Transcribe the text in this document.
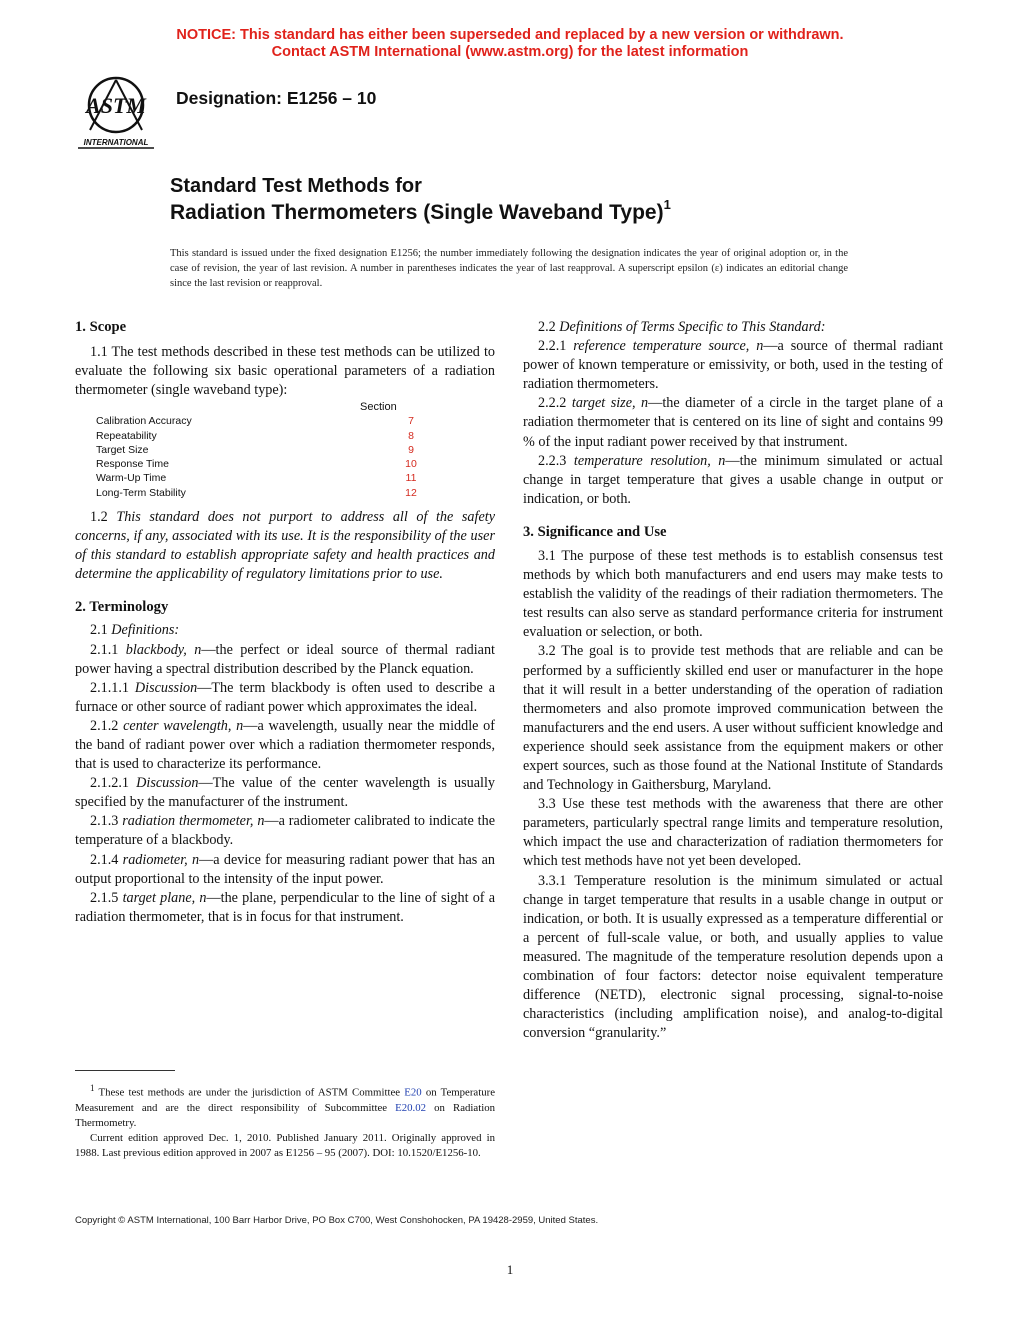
NOTICE: This standard has either been superseded and replaced by a new version or withdrawn.
Contact ASTM International (www.astm.org) for the latest information
ASTM
INTERNATIONAL
Designation: E1256 – 10
Standard Test Methods for
Radiation Thermometers (Single Waveband Type)$^1$
This standard is issued under the fixed designation E1256; the number immediately following the designation indicates the year of original adoption or, in the case of revision, the year of last revision. A number in parentheses indicates the year of last reapproval. A superscript epsilon (ε) indicates an editorial change since the last revision or reapproval.
1. Scope

1.1 The test methods described in these test methods can be utilized to evaluate the following six basic operational parameters of a radiation thermometer (single waveband type):

Section
Calibration Accuracy	7
Repeatability	8
Target Size	9
Response Time	10
Warm-Up Time	11
Long-Term Stability	12

1.2 This standard does not purport to address all of the safety concerns, if any, associated with its use. It is the responsibility of the user of this standard to establish appropriate safety and health practices and determine the applicability of regulatory limitations prior to use.

2. Terminology

2.1 Definitions:

2.1.1 blackbody, n—the perfect or ideal source of thermal radiant power having a spectral distribution described by the Planck equation.

2.1.1.1 Discussion—The term blackbody is often used to describe a furnace or other source of radiant power which approximates the ideal.

2.1.2 center wavelength, n—a wavelength, usually near the middle of the band of radiant power over which a radiation thermometer responds, that is used to characterize its performance.

2.1.2.1 Discussion—The value of the center wavelength is usually specified by the manufacturer of the instrument.

2.1.3 radiation thermometer, n—a radiometer calibrated to indicate the temperature of a blackbody.

2.1.4 radiometer, n—a device for measuring radiant power that has an output proportional to the intensity of the input power.

2.1.5 target plane, n—the plane, perpendicular to the line of sight of a radiation thermometer, that is in focus for that instrument.

2.2 Definitions of Terms Specific to This Standard:

2.2.1 reference temperature source, n—a source of thermal radiant power of known temperature or emissivity, or both, used in the testing of radiation thermometers.

2.2.2 target size, n—the diameter of a circle in the target plane of a radiation thermometer that is centered on its line of sight and contains 99 % of the input radiant power received by that instrument.

2.2.3 temperature resolution, n—the minimum simulated or actual change in target temperature that gives a usable change in output or indication, or both.

3. Significance and Use

3.1 The purpose of these test methods is to establish consensus test methods by which both manufacturers and end users may make tests to establish the validity of the readings of their radiation thermometers. The test results can also serve as standard performance criteria for instrument evaluation or selection, or both.

3.2 The goal is to provide test methods that are reliable and can be performed by a sufficiently skilled end user or manufacturer in the hope that it will result in a better understanding of the operation of radiation thermometers and also promote improved communication between the manufacturers and the end users. A user without sufficient knowledge and experience should seek assistance from the equipment makers or other expert sources, such as those found at the National Institute of Standards and Technology in Gaithersburg, Maryland.

3.3 Use these test methods with the awareness that there are other parameters, particularly spectral range limits and temperature resolution, which impact the use and characterization of radiation thermometers for which test methods have not yet been developed.

3.3.1 Temperature resolution is the minimum simulated or actual change in target temperature that results in a usable change in output or indication, or both. It is usually expressed as a temperature differential or a percent of full-scale value, or both, and usually applies to value measured. The magnitude of the temperature resolution depends upon a combination of four factors: detector noise equivalent temperature difference (NETD), electronic signal processing, signal-to-noise characteristics (including amplification noise), and analog-to-digital conversion “granularity.”

$^1$ These test methods are under the jurisdiction of ASTM Committee E20 on Temperature Measurement and are the direct responsibility of Subcommittee E20.02 on Radiation Thermometry.

Current edition approved Dec. 1, 2010. Published January 2011. Originally approved in 1988. Last previous edition approved in 2007 as E1256 – 95 (2007). DOI: 10.1520/E1256-10.

Copyright © ASTM International, 100 Barr Harbor Drive, PO Box C700, West Conshohocken, PA 19428-2959, United States.
1
